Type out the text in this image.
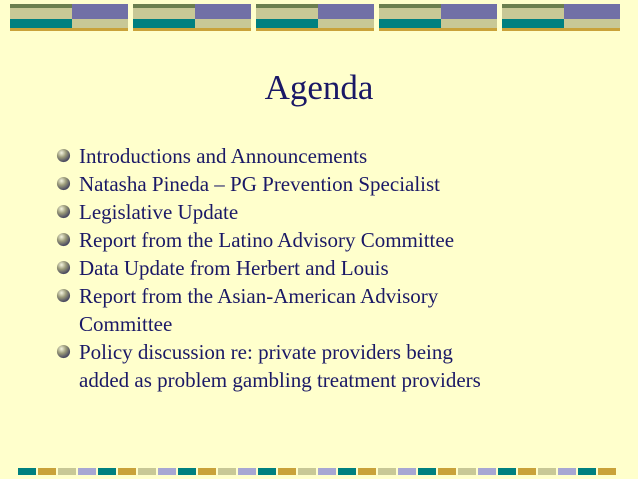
Agenda
Introductions and Announcements
Natasha Pineda – PG Prevention Specialist
Legislative Update
Report from the Latino Advisory Committee
Data Update from Herbert and Louis
Report from the Asian-American Advisory
Committee
Policy discussion re: private providers being
added as problem gambling treatment providers
